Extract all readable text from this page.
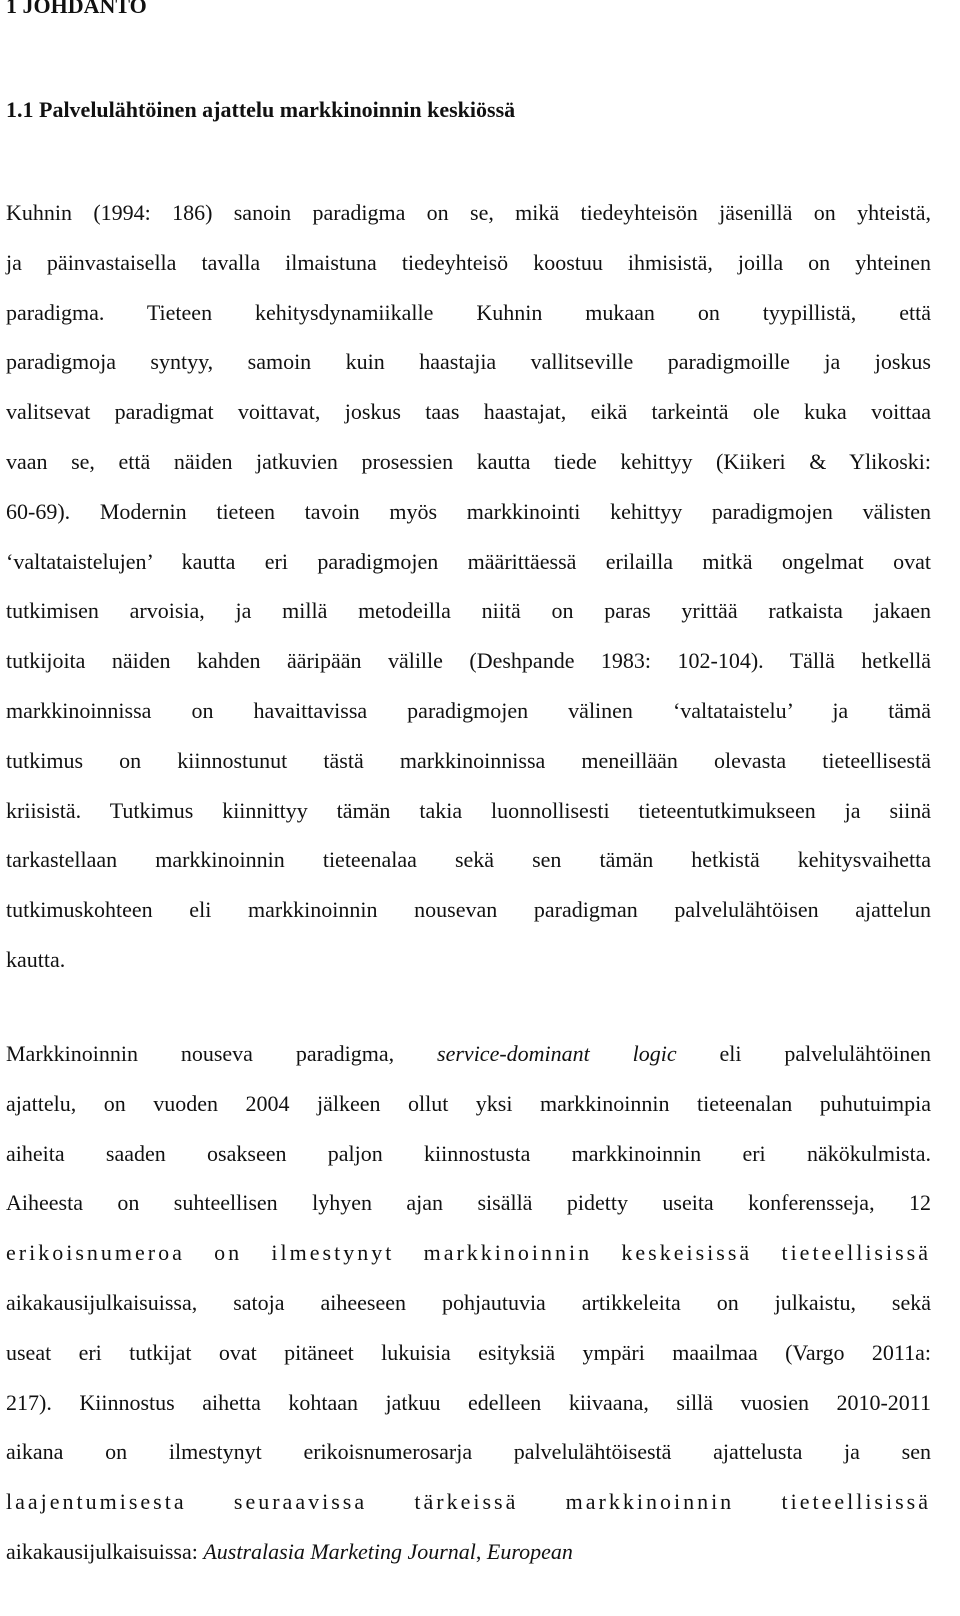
1 JOHDANTO
1.1 Palvelulähtöinen ajattelu markkinoinnin keskiössä
Kuhnin (1994: 186) sanoin paradigma on se, mikä tiedeyhteisön jäsenillä on yhteistä,
ja päinvastaisella tavalla ilmaistuna tiedeyhteisö koostuu ihmisistä, joilla on yhteinen
paradigma. Tieteen kehitysdynamiikalle Kuhnin mukaan on tyypillistä, että
paradigmoja syntyy, samoin kuin haastajia vallitseville paradigmoille ja joskus
valitsevat paradigmat voittavat, joskus taas haastajat, eikä tarkeintä ole kuka voittaa
vaan se, että näiden jatkuvien prosessien kautta tiede kehittyy (Kiikeri & Ylikoski:
60-69). Modernin tieteen tavoin myös markkinointi kehittyy paradigmojen välisten
‘valtataistelujen’ kautta eri paradigmojen määrittäessä erilailla mitkä ongelmat ovat
tutkimisen arvoisia, ja millä metodeilla niitä on paras yrittää ratkaista jakaen
tutkijoita näiden kahden ääripään välille (Deshpande 1983: 102-104). Tällä hetkellä
markkinoinnissa on havaittavissa paradigmojen välinen ‘valtataistelu’ ja tämä
tutkimus on kiinnostunut tästä markkinoinnissa meneillään olevasta tieteellisestä
kriisistä. Tutkimus kiinnittyy tämän takia luonnollisesti tieteentutkimukseen ja siinä
tarkastellaan markkinoinnin tieteenalaa sekä sen tämän hetkistä kehitysvaihetta
tutkimuskohteen eli markkinoinnin nousevan paradigman palvelulähtöisen ajattelun
kautta.
Markkinoinnin nouseva paradigma, service-dominant logic eli palvelulähtöinen
ajattelu, on vuoden 2004 jälkeen ollut yksi markkinoinnin tieteenalan puhutuimpia
aiheita saaden osakseen paljon kiinnostusta markkinoinnin eri näkökulmista.
Aiheesta on suhteellisen lyhyen ajan sisällä pidetty useita konferensseja, 12
erikoisnumeroa on ilmestynyt markkinoinnin keskeisissä tieteellisissä
aikakausijulkaisuissa, satoja aiheeseen pohjautuvia artikkeleita on julkaistu, sekä
useat eri tutkijat ovat pitäneet lukuisia esityksiä ympäri maailmaa (Vargo 2011a:
217). Kiinnostus aihetta kohtaan jatkuu edelleen kiivaana, sillä vuosien 2010-2011
aikana on ilmestynyt erikoisnumerosarja palvelulähtöisestä ajattelusta ja sen
laajentumisesta seuraavissa tärkeissä markkinoinnin tieteellisissä
aikakausijulkaisuissa: Australasia Marketing Journal, European
